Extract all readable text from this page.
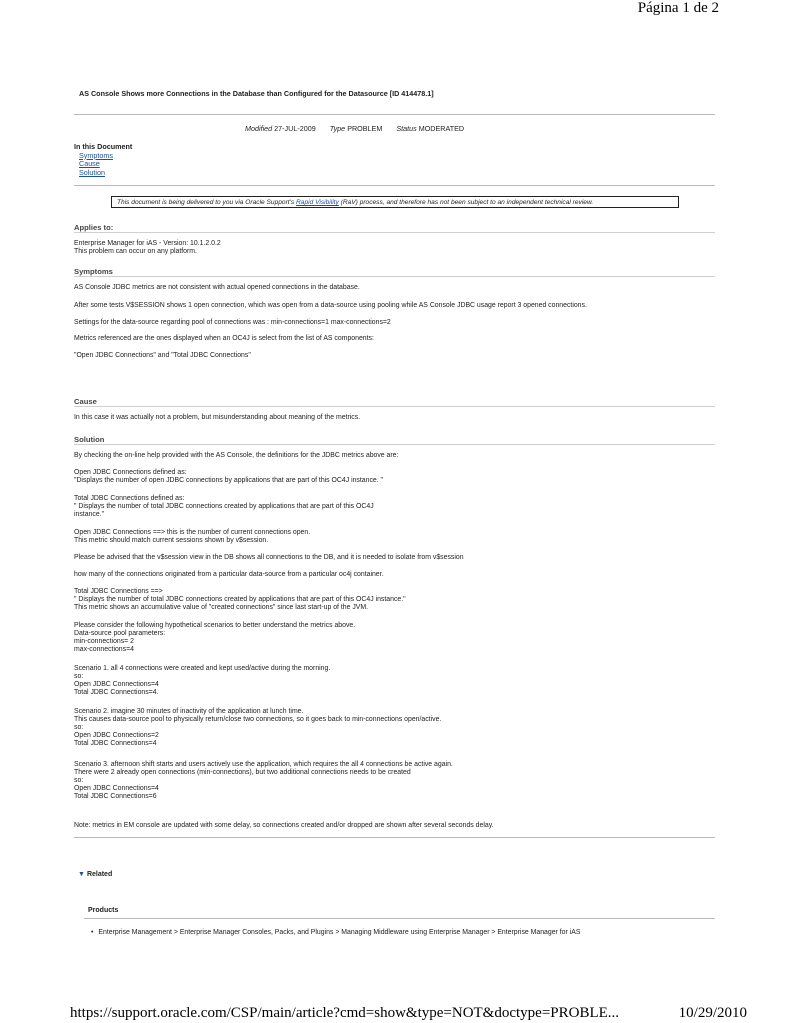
Página 1 de 2
AS Console Shows more Connections in the Database than Configured for the Datasource [ID 414478.1]
Modified 27-JUL-2009 Type PROBLEM Status MODERATED
In this Document
Symptoms
Cause
Solution
This document is being delivered to you via Oracle Support's Rapid Visibility (RaV) process, and therefore has not been subject to an independent technical review.
Applies to:
Enterprise Manager for iAS - Version: 10.1.2.0.2
This problem can occur on any platform.
Symptoms
AS Console JDBC metrics are not consistent with actual opened connections in the database.
After some tests V$SESSION shows 1 open connection, which was open from a data-source using pooling while AS Console JDBC usage report 3 opened connections.
Settings for the data-source regarding pool of connections was : min-connections=1 max-connections=2
Metrics referenced are the ones displayed when an OC4J is select from the list of AS components:
"Open JDBC Connections" and "Total JDBC Connections"
Cause
In this case it was actually not a problem, but misunderstanding about meaning of the metrics.
Solution
By checking the on-line help provided with the AS Console, the definitions for the JDBC metrics above are:
Open JDBC Connections defined as:
"Displays the number of open JDBC connections by applications that are part of this OC4J instance. "
Total JDBC Connections defined as:
" Displays the number of total JDBC connections created by applications that are part of this OC4J
instance."
Open JDBC Connections ==> this is the number of current connections open.
This metric should match current sessions shown by v$session.
Please be advised that the v$session view in the DB shows all connections to the DB, and it is needed to isolate from v$session
how many of the connections originated from a particular data-source from a particular oc4j container.
Total JDBC Connections ==>
" Displays the number of total JDBC connections created by applications that are part of this OC4J instance."
This metric shows an accumulative value of "created connections" since last start-up of the JVM.
Please consider the following hypothetical scenarios to better understand the metrics above.
Data-source pool parameters:
min-connections= 2
max-connections=4
Scenario 1. all 4 connections were created and kept used/active during the morning.
so:
Open JDBC Connections=4
Total JDBC Connections=4.
Scenario 2. imagine 30 minutes of inactivity of the application at lunch time.
This causes data-source pool to physically return/close two connections, so it goes back to min-connections open/active.
so:
Open JDBC Connections=2
Total JDBC Connections=4
Scenario 3. afternoon shift starts and users actively use the application, which requires the all 4 connections be active again.
There were 2 already open connections (min-connections), but two additional connections needs to be created
so:
Open JDBC Connections=4
Total JDBC Connections=6
Note: metrics in EM console are updated with some delay, so connections created and/or dropped are shown after several seconds delay.
▼ Related
Products
• Enterprise Management > Enterprise Manager Consoles, Packs, and Plugins > Managing Middleware using Enterprise Manager > Enterprise Manager for iAS
https://support.oracle.com/CSP/main/article?cmd=show&type=NOT&doctype=PROBLE...	10/29/2010
